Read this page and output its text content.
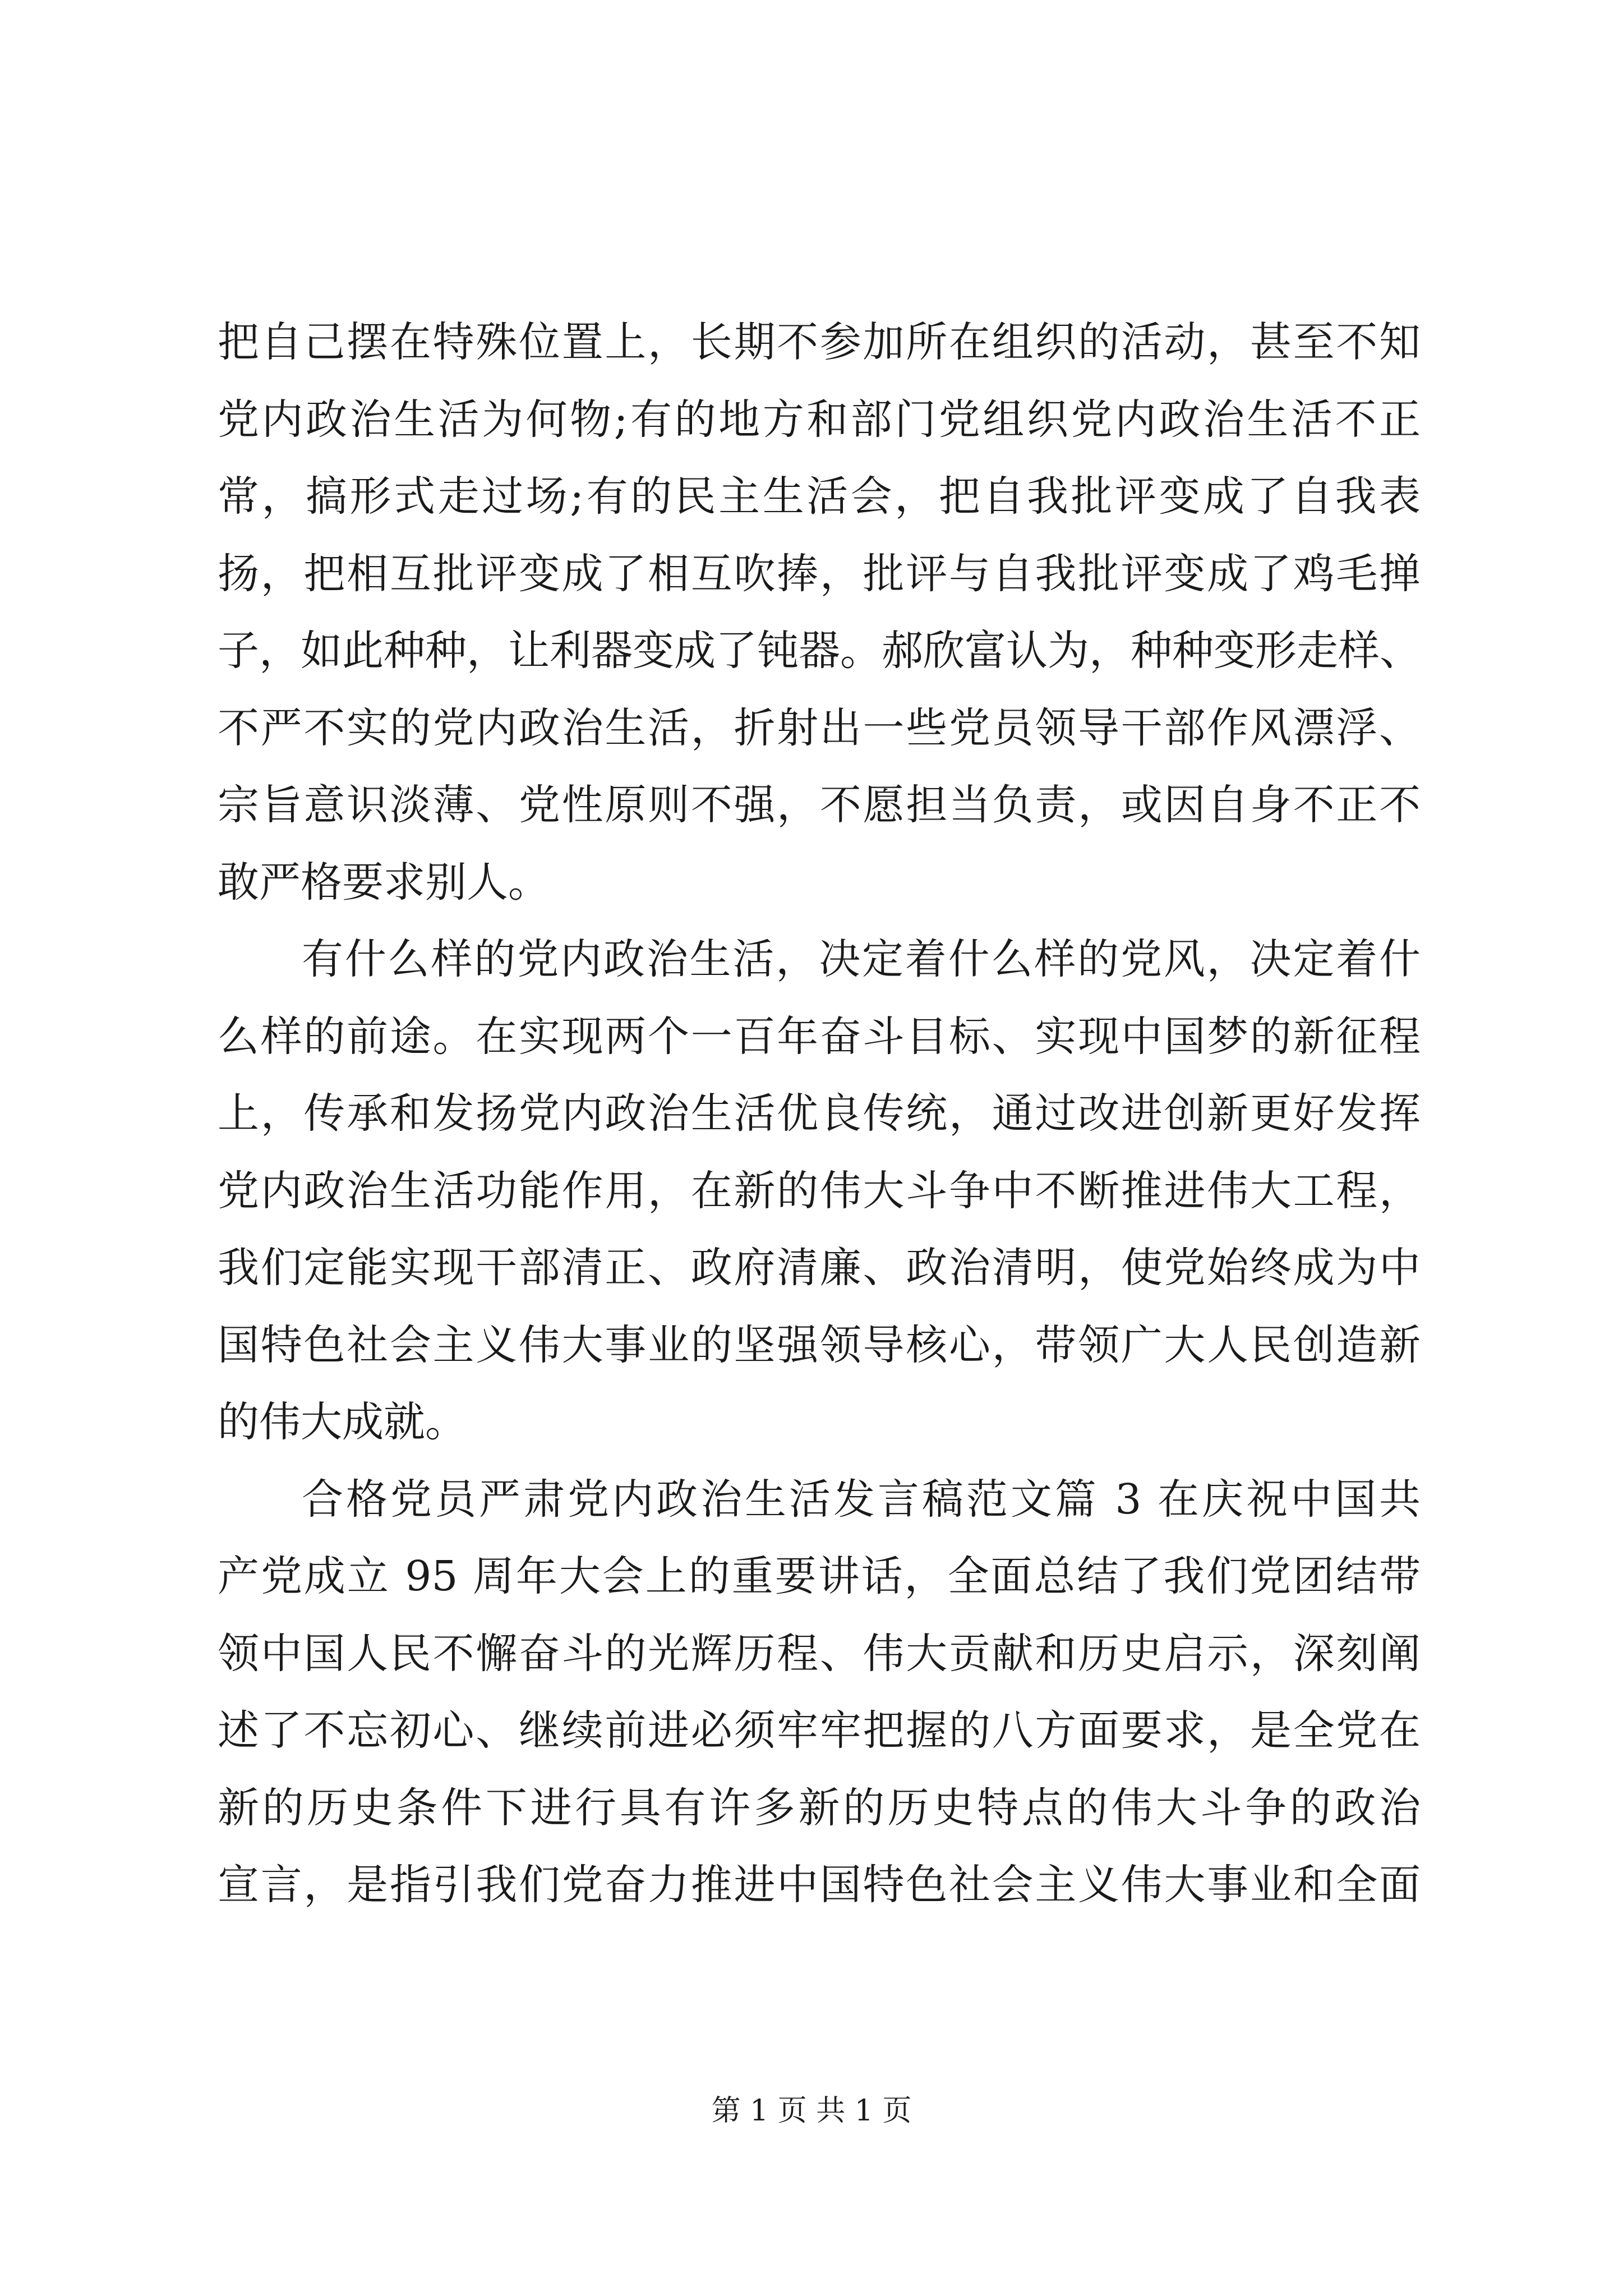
把自己摆在特殊位置上，长期不参加所在组织的活动，甚至不知
党内政治生活为何物;有的地方和部门党组织党内政治生活不正
常，搞形式走过场;有的民主生活会，把自我批评变成了自我表
扬，把相互批评变成了相互吹捧，批评与自我批评变成了鸡毛掸
子，如此种种，让利器变成了钝器。郝欣富认为，种种变形走样、
不严不实的党内政治生活，折射出一些党员领导干部作风漂浮、
宗旨意识淡薄、党性原则不强，不愿担当负责，或因自身不正不
敢严格要求别人。
有什么样的党内政治生活，决定着什么样的党风，决定着什
么样的前途。在实现两个一百年奋斗目标、实现中国梦的新征程
上，传承和发扬党内政治生活优良传统，通过改进创新更好发挥
党内政治生活功能作用，在新的伟大斗争中不断推进伟大工程，
我们定能实现干部清正、政府清廉、政治清明，使党始终成为中
国特色社会主义伟大事业的坚强领导核心，带领广大人民创造新
的伟大成就。
合格党员严肃党内政治生活发言稿范文篇 3 在庆祝中国共
产党成立 95 周年大会上的重要讲话，全面总结了我们党团结带
领中国人民不懈奋斗的光辉历程、伟大贡献和历史启示，深刻阐
述了不忘初心、继续前进必须牢牢把握的八方面要求，是全党在
新的历史条件下进行具有许多新的历史特点的伟大斗争的政治
宣言，是指引我们党奋力推进中国特色社会主义伟大事业和全面
第 1 页 共 1 页
